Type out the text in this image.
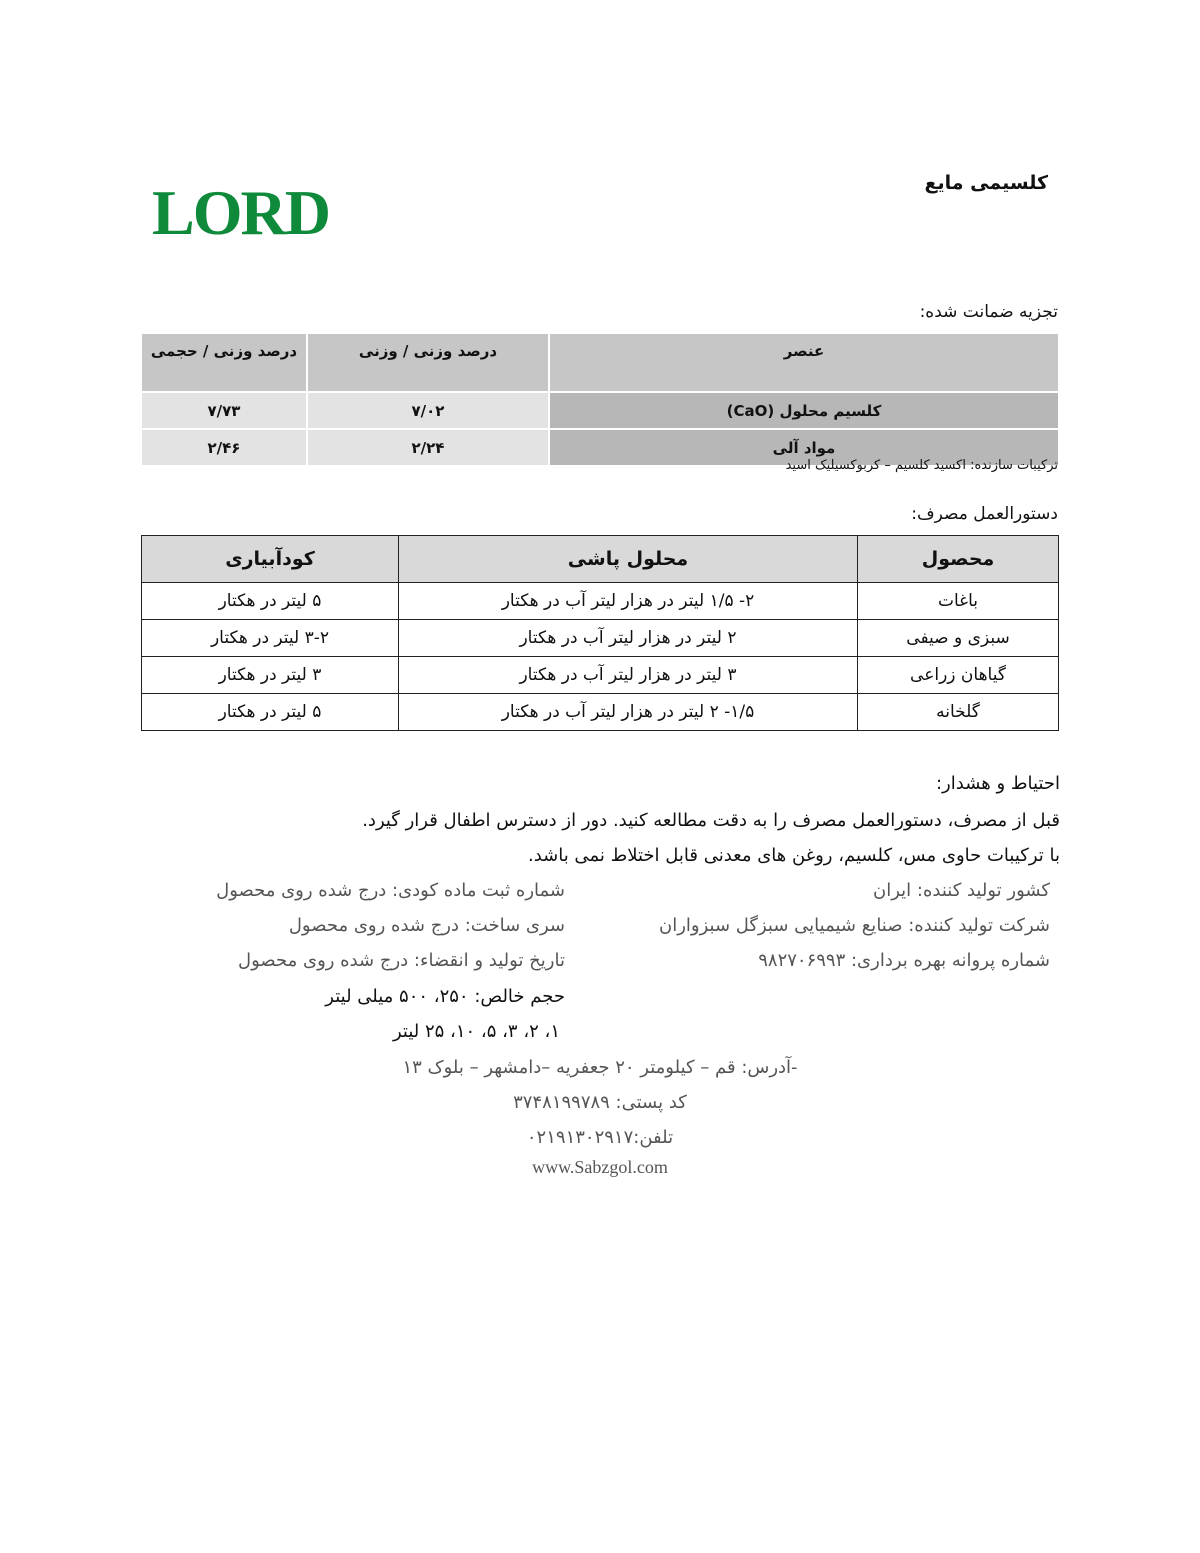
LORD	کلسیمی مایع
تجزیه ضمانت شده:
عنصر	درصد وزنی / وزنی	درصد وزنی / حجمی
کلسیم محلول (CaO)	۷/۰۲	۷/۷۳
مواد آلی	۲/۲۴	۲/۴۶
ترکیبات سازنده: اکسید کلسیم – کربوکسیلیک اسید
دستورالعمل مصرف:
محصول	محلول پاشی	کودآبیاری
باغات	۲- ۱/۵ لیتر در هزار لیتر آب در هکتار	۵ لیتر در هکتار
سبزی و صیفی	۲ لیتر در هزار لیتر آب در هکتار	۳-۲ لیتر در هکتار
گیاهان زراعی	۳ لیتر در هزار لیتر آب در هکتار	۳ لیتر در هکتار
گلخانه	۱/۵- ۲ لیتر در هزار لیتر آب در هکتار	۵ لیتر در هکتار
احتیاط و هشدار:
قبل از مصرف، دستورالعمل مصرف را به دقت مطالعه کنید. دور از دسترس اطفال قرار گیرد.
با ترکیبات حاوی مس، کلسیم، روغن های معدنی قابل اختلاط نمی باشد.
کشور تولید کننده: ایران
شرکت تولید کننده: صنایع شیمیایی سبزگل سبزواران
شماره پروانه بهره برداری: ۹۸۲۷۰۶۹۹۳
شماره ثبت ماده کودی: درج شده روی محصول
سری ساخت: درج شده روی محصول
تاریخ تولید و انقضاء: درج شده روی محصول
حجم خالص: ۲۵۰، ۵۰۰ میلی لیتر
۱، ۲، ۳، ۵، ۱۰، ۲۵ لیتر
-آدرس: قم – کیلومتر ۲۰ جعفریه –دامشهر – بلوک ۱۳
کد پستی: ۳۷۴۸۱۹۹۷۸۹
تلفن:۰۲۱۹۱۳۰۲۹۱۷
www.Sabzgol.com
